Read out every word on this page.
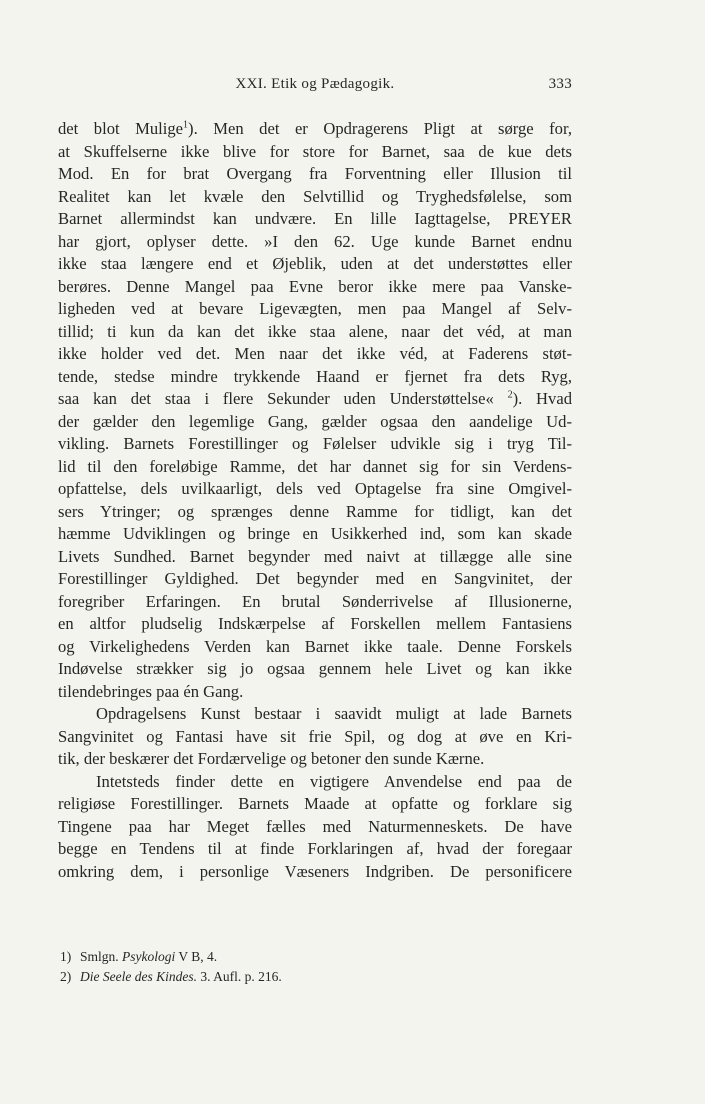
XXI. Etik og Pædagogik.	333
det blot Mulige$^1$). Men det er Opdragerens Pligt at sørge for,
at Skuffelserne ikke blive for store for Barnet, saa de kue dets
Mod. En for brat Overgang fra Forventning eller Illusion til
Realitet kan let kvæle den Selvtillid og Tryghedsfølelse, som
Barnet allermindst kan undvære. En lille Iagttagelse, PREYER
har gjort, oplyser dette. »I den 62. Uge kunde Barnet endnu
ikke staa længere end et Øjeblik, uden at det understøttes eller
berøres. Denne Mangel paa Evne beror ikke mere paa Vanske-
ligheden ved at bevare Ligevægten, men paa Mangel af Selv-
tillid; ti kun da kan det ikke staa alene, naar det véd, at man
ikke holder ved det. Men naar det ikke véd, at Faderens støt-
tende, stedse mindre trykkende Haand er fjernet fra dets Ryg,
saa kan det staa i flere Sekunder uden Understøttelse« $^2$). Hvad
der gælder den legemlige Gang, gælder ogsaa den aandelige Ud-
vikling. Barnets Forestillinger og Følelser udvikle sig i tryg Til-
lid til den foreløbige Ramme, det har dannet sig for sin Verdens-
opfattelse, dels uvilkaarligt, dels ved Optagelse fra sine Omgivel-
sers Ytringer; og sprænges denne Ramme for tidligt, kan det
hæmme Udviklingen og bringe en Usikkerhed ind, som kan skade
Livets Sundhed. Barnet begynder med naivt at tillægge alle sine
Forestillinger Gyldighed. Det begynder med en Sangvinitet, der
foregriber Erfaringen. En brutal Sønderrivelse af Illusionerne,
en altfor pludselig Indskærpelse af Forskellen mellem Fantasiens
og Virkelighedens Verden kan Barnet ikke taale. Denne Forskels
Indøvelse strækker sig jo ogsaa gennem hele Livet og kan ikke
tilendebringes paa én Gang.
Opdragelsens Kunst bestaar i saavidt muligt at lade Barnets
Sangvinitet og Fantasi have sit frie Spil, og dog at øve en Kri-
tik, der beskærer det Fordærvelige og betoner den sunde Kærne.
Intetsteds finder dette en vigtigere Anvendelse end paa de
religiøse Forestillinger. Barnets Maade at opfatte og forklare sig
Tingene paa har Meget fælles med Naturmenneskets. De have
begge en Tendens til at finde Forklaringen af, hvad der foregaar
omkring dem, i personlige Væseners Indgriben. De personificere
1) Smlgn. Psykologi V B, 4.
2) Die Seele des Kindes. 3. Aufl. p. 216.
